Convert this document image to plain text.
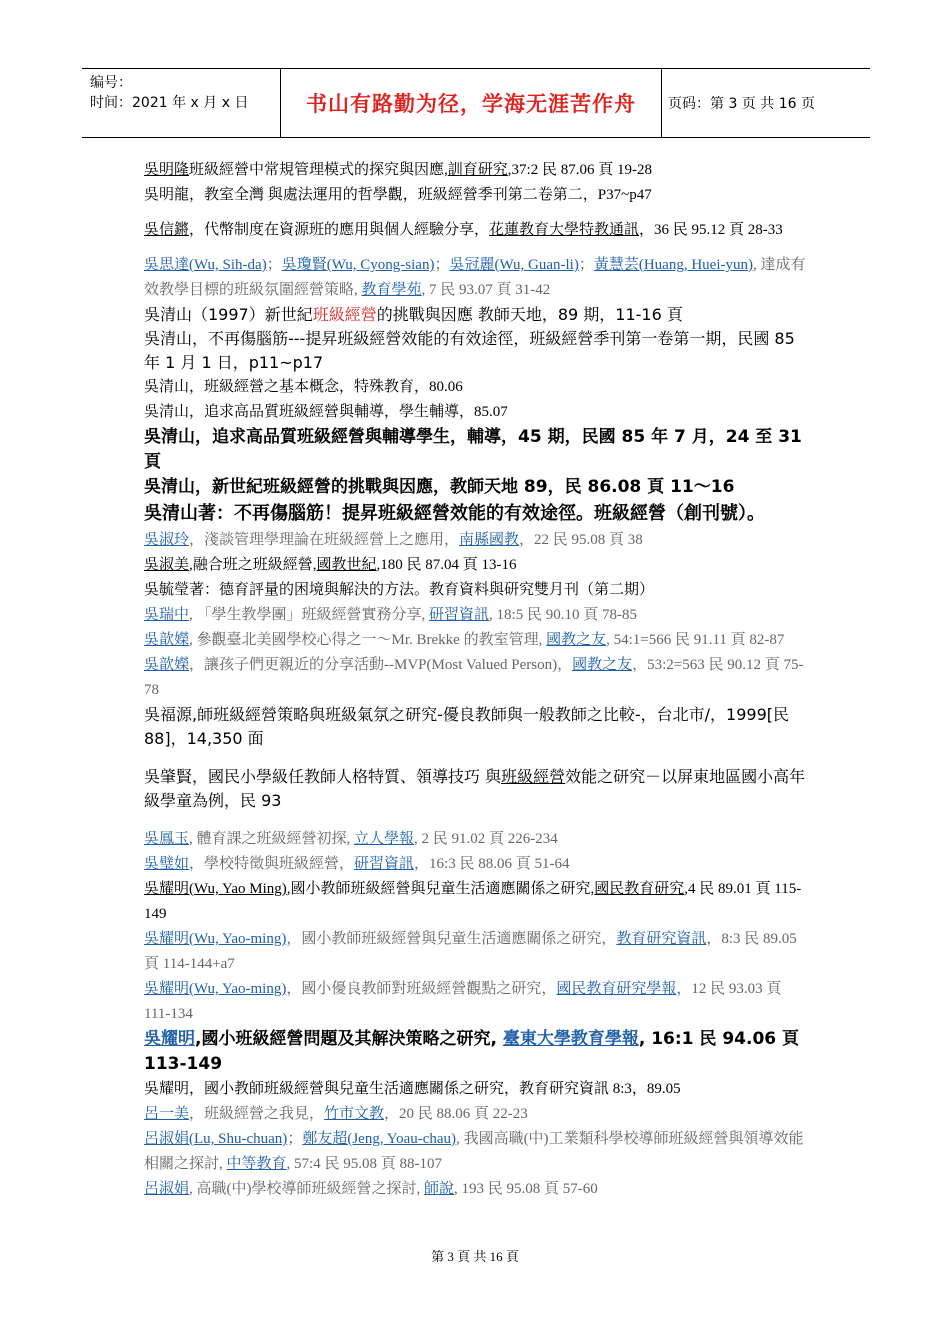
编号：
时间：2021 年 x 月 x 日	书山有路勤为径，学海无涯苦作舟	页码：第 3 页 共 16 页

吳明隆班級經營中常規管理模式的探究與因應,訓育研究,37:2 民 87.06 頁 19-28

吳明龍，教室全灣 與處法運用的哲學觀，班級經營季刊第二卷第二，P37~p47

吳信鏘，代幣制度在資源班的應用與個人經驗分享，花蓮教育大學特教通訊，36 民 95.12 頁 28-33

吳思達(Wu, Sih-da)；吳瓊賢(Wu, Cyong-sian)；吳冠麗(Wu, Guan-li)；黃慧芸(Huang, Huei-yun), 達成有效教學目標的班級氛圍經營策略, 教育學苑, 7 民 93.07 頁 31-42

吳清山（1997）新世紀班級經營的挑戰與因應 教師天地，89 期，11-16 頁

吳清山，不再傷腦筋---提昇班級經營效能的有效途徑，班級經營季刊第一卷第一期，民國 85 年 1 月 1 日，p11~p17

吳清山，班級經營之基本概念，特殊教育，80.06

吳清山，追求高品質班級經營與輔導，學生輔導，85.07

吳清山，追求高品質班級經營與輔導學生，輔導，45 期，民國 85 年 7 月，24 至 31 頁

吳清山，新世紀班級經營的挑戰與因應，教師天地 89，民 86.08 頁 11～16

吳清山著：不再傷腦筋！提昇班級經營效能的有效途徑。班級經營（創刊號）。

吳淑玲，淺談管理學理論在班級經營上之應用，南縣國教，22 民 95.08 頁 38

吳淑美,融合班之班級經營,國教世紀,180 民 87.04 頁 13-16

吳毓瑩著：德育評量的困境與解決的方法。教育資料與研究雙月刊（第二期）

吳瑞中, 「學生教學團」班級經營實務分享, 研習資訊, 18:5 民 90.10 頁 78-85

吳歆嬫, 參觀臺北美國學校心得之一～Mr. Brekke 的教室管理, 國教之友, 54:1=566 民 91.11 頁 82-87

吳歆嬫，讓孩子們更親近的分享活動--MVP(Most Valued Person)，國教之友，53:2=563 民 90.12 頁 75-78

吳福源,師班級經營策略與班級氣氛之研究-優良教師與一般教師之比較-，台北市/，1999[民 88]，14,350 面

吳肇賢，國民小學級任教師人格特質、領導技巧 與班級經營效能之研究－以屏東地區國小高年級學童為例，民 93

吳鳳玉, 體育課之班級經營初探, 立人學報, 2 民 91.02 頁 226-234

吳璧如，學校特徵與班級經營，研習資訊，16:3 民 88.06 頁 51-64

吳耀明(Wu, Yao Ming),國小教師班級經營與兒童生活適應關係之研究,國民教育研究,4 民 89.01 頁 115-149

吳耀明(Wu, Yao-ming)，國小教師班級經營與兒童生活適應關係之研究，教育研究資訊，8:3 民 89.05 頁 114-144+a7

吳耀明(Wu, Yao-ming)，國小優良教師對班級經營觀點之研究，國民教育研究學報，12 民 93.03 頁 111-134

吳耀明,國小班級經營問題及其解決策略之研究, 臺東大學教育學報, 16:1 民 94.06 頁 113-149

吳耀明，國小教師班級經營與兒童生活適應關係之研究，教育研究資訊 8:3，89.05

呂一美，班級經營之我見，竹市文教，20 民 88.06 頁 22-23

呂淑娟(Lu, Shu-chuan)；鄭友超(Jeng, Yoau-chau), 我國高職(中)工業類科學校導師班級經營與領導效能相關之探討, 中等教育, 57:4 民 95.08 頁 88-107

呂淑娟, 高職(中)學校導師班級經營之探討, 師說, 193 民 95.08 頁 57-60

第 3 頁 共 16 頁
